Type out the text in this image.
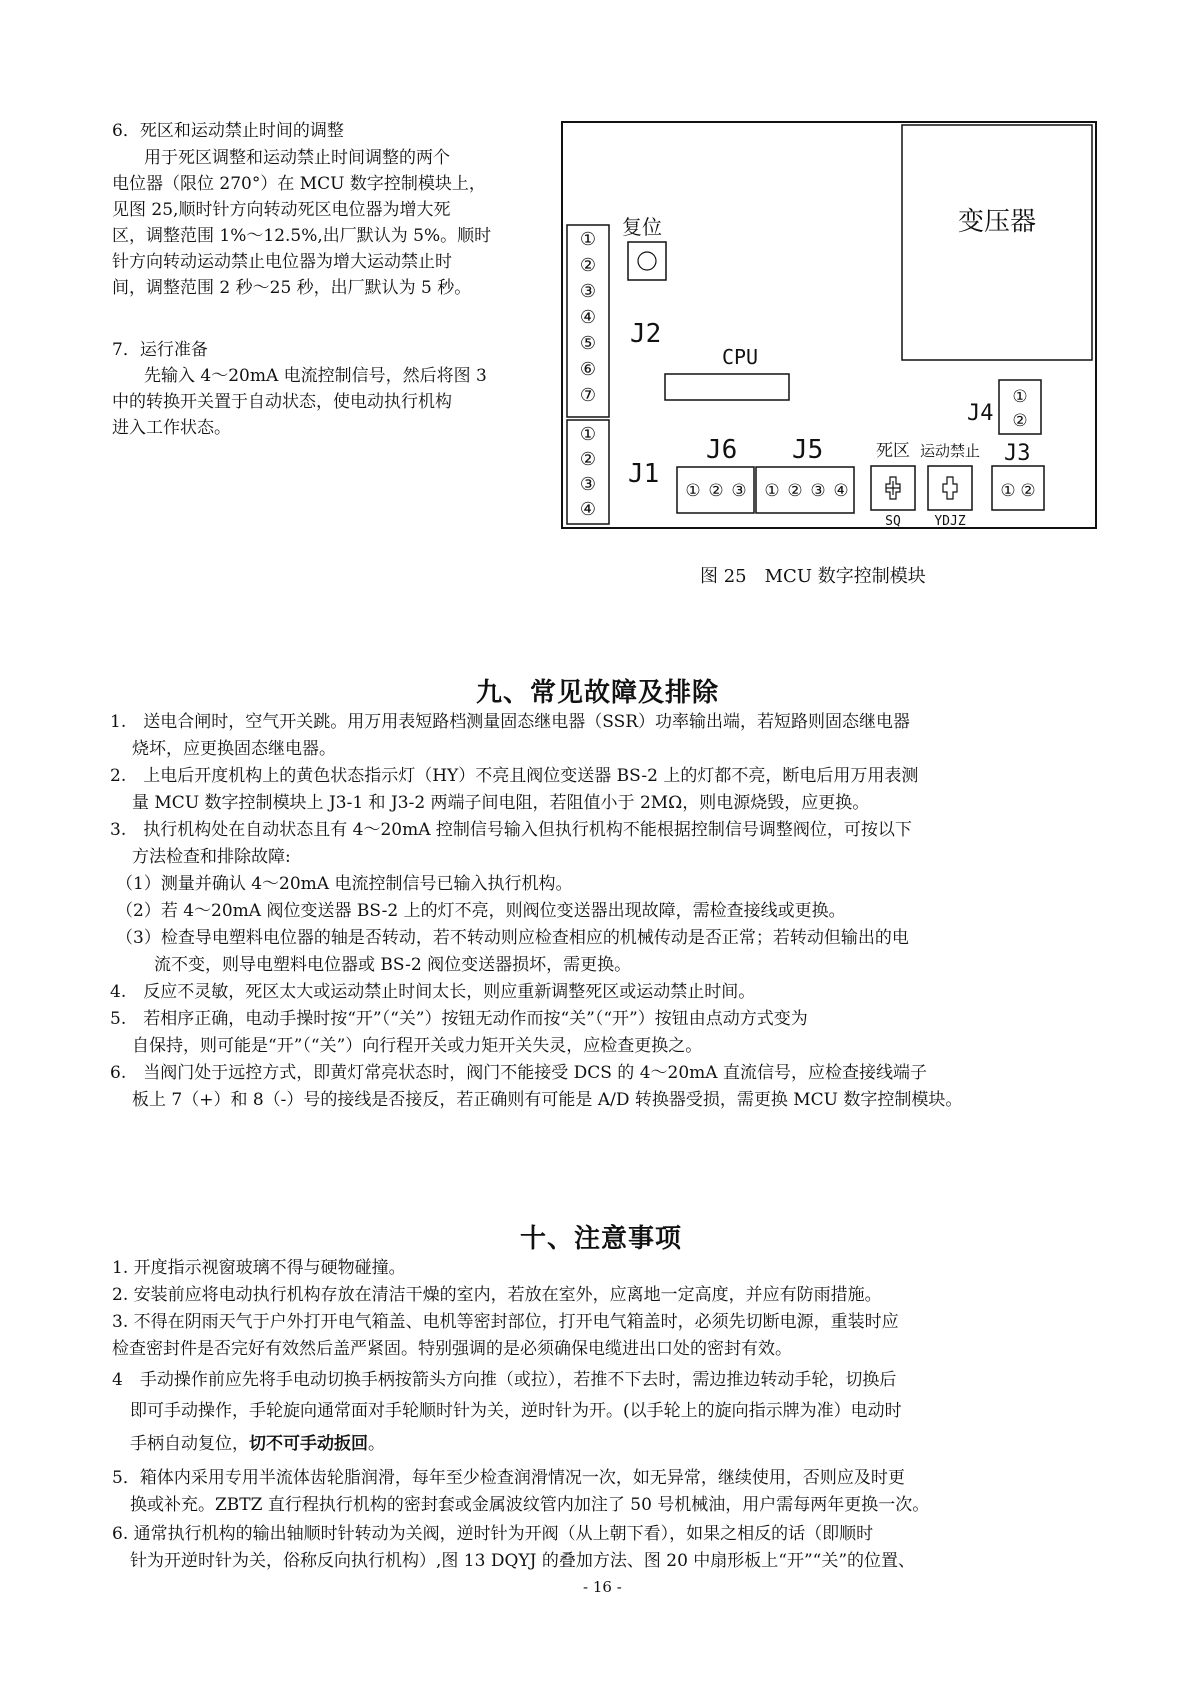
6．死区和运动禁止时间的调整
用于死区调整和运动禁止时间调整的两个
电位器（限位 270°）在 MCU 数字控制模块上，
见图 25,顺时针方向转动死区电位器为增大死
区，调整范围 1%～12.5%,出厂默认为 5%。顺时
针方向转动运动禁止电位器为增大运动禁止时
间，调整范围 2 秒～25 秒，出厂默认为 5 秒。
7．运行准备
先输入 4～20mA 电流控制信号，然后将图 3
中的转换开关置于自动状态，使电动执行机构
进入工作状态。
变压器
复位
CPU
①
②
③
④
⑤
⑥
⑦
J2
①
②
③
④
J1
J4
①
②
J6
① ② ③
J5
① ② ③ ④
死区
SQ
运动禁止
YDJZ
J3
① ②
图 25　MCU 数字控制模块
九、常见故障及排除
1.　送电合闸时，空气开关跳。用万用表短路档测量固态继电器（SSR）功率输出端，若短路则固态继电器
烧坏，应更换固态继电器。
2.　上电后开度机构上的黄色状态指示灯（HY）不亮且阀位变送器 BS-2 上的灯都不亮，断电后用万用表测
量 MCU 数字控制模块上 J3-1 和 J3-2 两端子间电阻，若阻值小于 2MΩ，则电源烧毁，应更换。
3.　执行机构处在自动状态且有 4～20mA 控制信号输入但执行机构不能根据控制信号调整阀位，可按以下
方法检查和排除故障:
（1）测量并确认 4～20mA 电流控制信号已输入执行机构。
（2）若 4～20mA 阀位变送器 BS-2 上的灯不亮，则阀位变送器出现故障，需检查接线或更换。
（3）检查导电塑料电位器的轴是否转动，若不转动则应检查相应的机械传动是否正常；若转动但输出的电
流不变，则导电塑料电位器或 BS-2 阀位变送器损坏，需更换。
4.　反应不灵敏，死区太大或运动禁止时间太长，则应重新调整死区或运动禁止时间。
5.　若相序正确，电动手操时按“开”（“关”）按钮无动作而按“关”（“开”）按钮由点动方式变为
自保持，则可能是“开”（“关”）向行程开关或力矩开关失灵，应检查更换之。
6.　当阀门处于远控方式，即黄灯常亮状态时，阀门不能接受 DCS 的 4～20mA 直流信号，应检查接线端子
板上 7（+）和 8（-）号的接线是否接反，若正确则有可能是 A/D 转换器受损，需更换 MCU 数字控制模块。
十、注意事项
1. 开度指示视窗玻璃不得与硬物碰撞。
2. 安装前应将电动执行机构存放在清洁干燥的室内，若放在室外，应离地一定高度，并应有防雨措施。
3. 不得在阴雨天气于户外打开电气箱盖、电机等密封部位，打开电气箱盖时，必须先切断电源，重装时应
检查密封件是否完好有效然后盖严紧固。特别强调的是必须确保电缆进出口处的密封有效。
4　手动操作前应先将手电动切换手柄按箭头方向推（或拉），若推不下去时，需边推边转动手轮，切换后
即可手动操作，手轮旋向通常面对手轮顺时针为关，逆时针为开。(以手轮上的旋向指示牌为准）电动时
手柄自动复位，切不可手动扳回。
5．箱体内采用专用半流体齿轮脂润滑，每年至少检查润滑情况一次，如无异常，继续使用，否则应及时更
换或补充。ZBTZ 直行程执行机构的密封套或金属波纹管内加注了 50 号机械油，用户需每两年更换一次。
6. 通常执行机构的输出轴顺时针转动为关阀，逆时针为开阀（从上朝下看），如果之相反的话（即顺时
针为开逆时针为关，俗称反向执行机构）,图 13 DQYJ 的叠加方法、图 20 中扇形板上“开”“关”的位置、
- 16 -
